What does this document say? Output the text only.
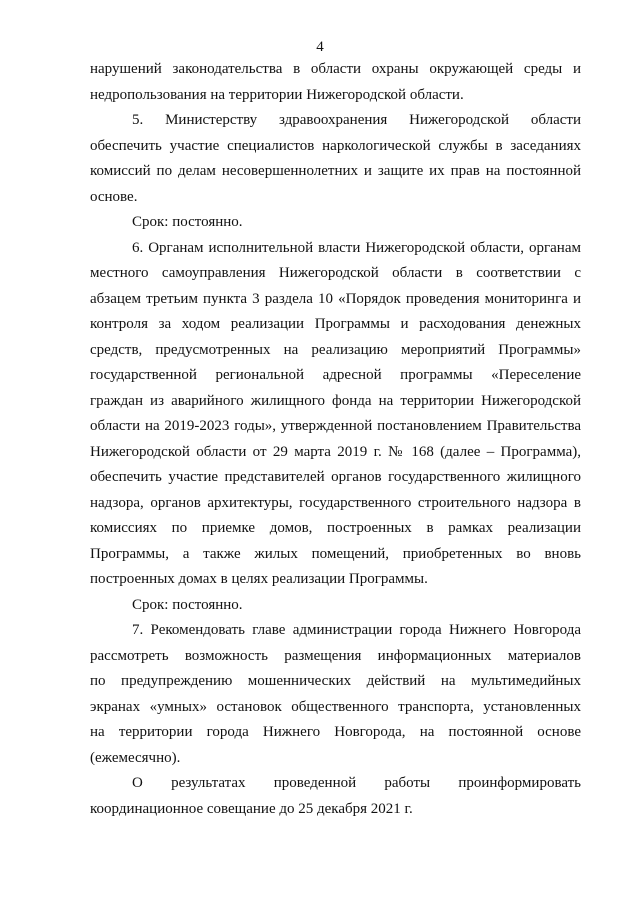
4
нарушений законодательства в области охраны окружающей среды и
недропользования на территории Нижегородской области.
5. Министерству здравоохранения Нижегородской области
обеспечить участие специалистов наркологической службы в заседаниях
комиссий по делам несовершеннолетних и защите их прав на постоянной
основе.
Срок: постоянно.
6. Органам исполнительной власти Нижегородской области, органам
местного самоуправления Нижегородской области в соответствии с
абзацем третьим пункта 3 раздела 10 «Порядок проведения мониторинга и
контроля за ходом реализации Программы и расходования денежных
средств, предусмотренных на реализацию мероприятий Программы»
государственной региональной адресной программы «Переселение
граждан из аварийного жилищного фонда на территории Нижегородской
области на 2019-2023 годы», утвержденной постановлением Правительства
Нижегородской области от 29 марта 2019 г. № 168 (далее – Программа),
обеспечить участие представителей органов государственного жилищного
надзора, органов архитектуры, государственного строительного надзора в
комиссиях по приемке домов, построенных в рамках реализации
Программы, а также жилых помещений, приобретенных во вновь
построенных домах в целях реализации Программы.
Срок: постоянно.
7. Рекомендовать главе администрации города Нижнего Новгорода
рассмотреть возможность размещения информационных материалов
по предупреждению мошеннических действий на мультимедийных
экранах «умных» остановок общественного транспорта, установленных
на территории города Нижнего Новгорода, на постоянной основе
(ежемесячно).
О результатах проведенной работы проинформировать
координационное совещание до 25 декабря 2021 г.
